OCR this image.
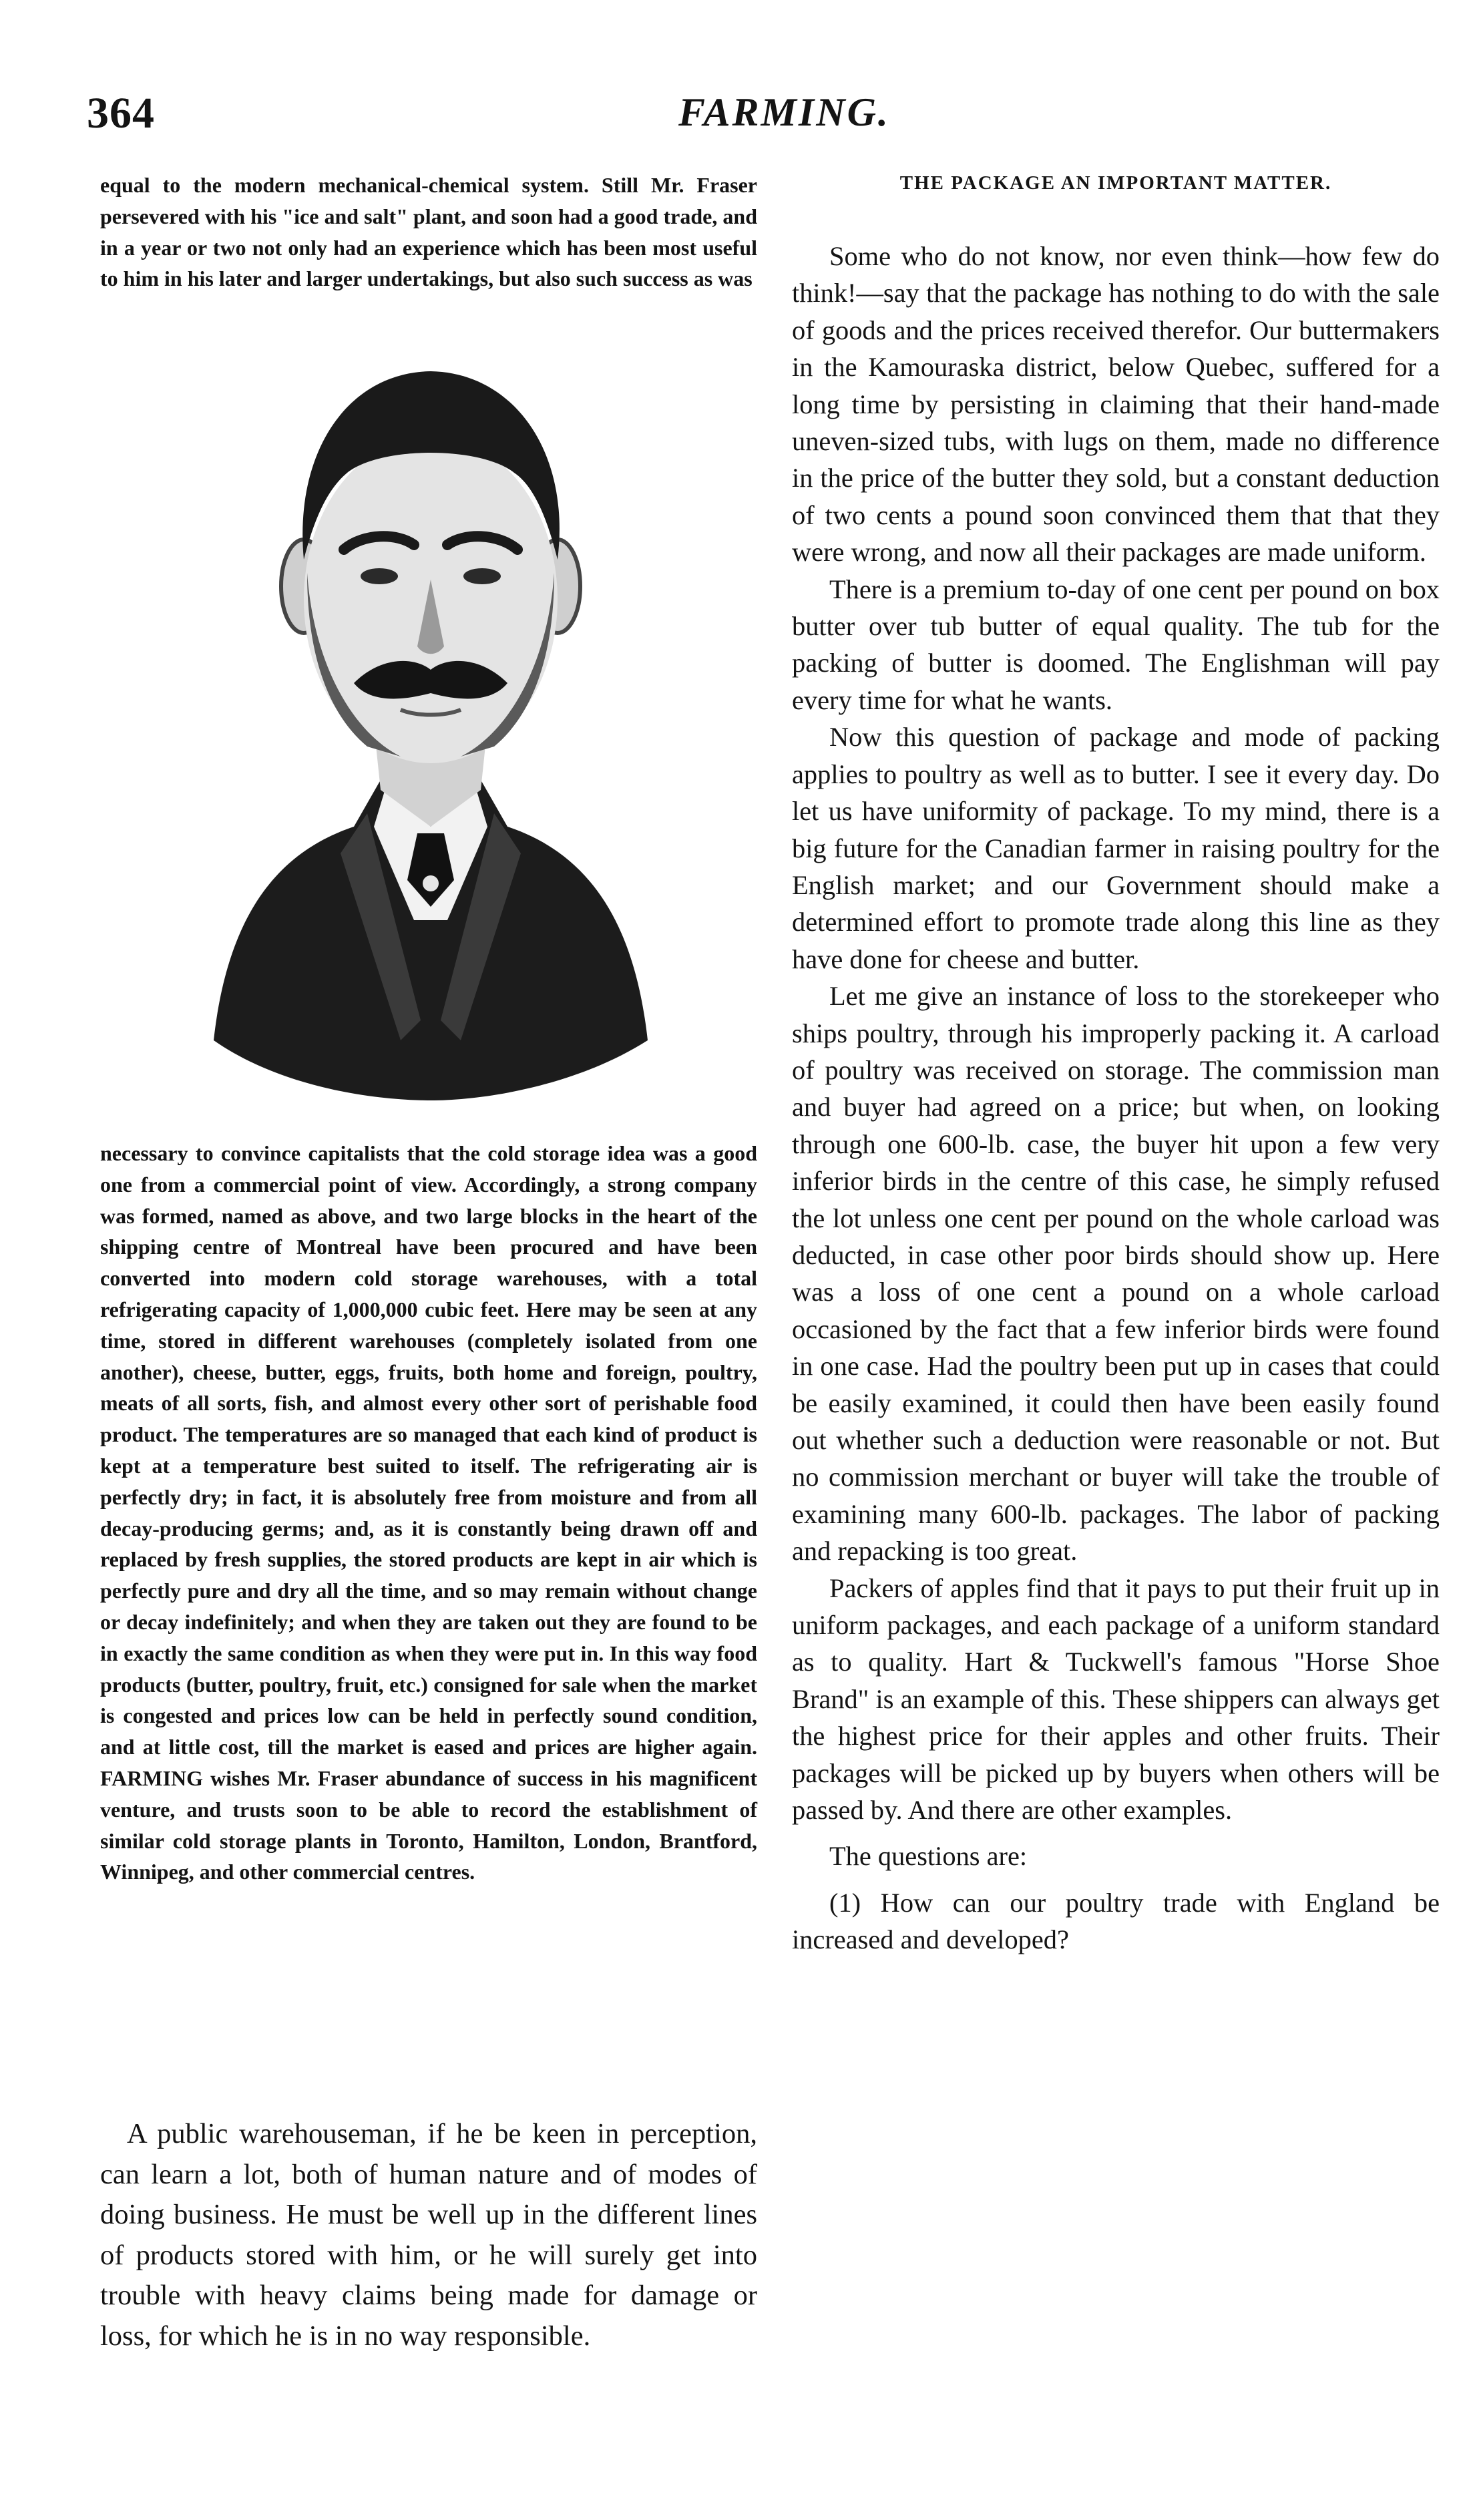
364	FARMING.

equal to the modern mechanical-chemical system. Still Mr. Fraser persevered with his "ice and salt" plant, and soon had a good trade, and in a year or two not only had an experience which has been most useful to him in his later and larger undertakings, but also such success as was

necessary to convince capitalists that the cold storage idea was a good one from a commercial point of view. Accordingly, a strong company was formed, named as above, and two large blocks in the heart of the shipping centre of Montreal have been procured and have been converted into modern cold storage warehouses, with a total refrigerating capacity of 1,000,000 cubic feet. Here may be seen at any time, stored in different warehouses (completely isolated from one another), cheese, butter, eggs, fruits, both home and foreign, poultry, meats of all sorts, fish, and almost every other sort of perishable food product. The temperatures are so managed that each kind of product is kept at a temperature best suited to itself. The refrigerating air is perfectly dry; in fact, it is absolutely free from moisture and from all decay-producing germs; and, as it is constantly being drawn off and replaced by fresh supplies, the stored products are kept in air which is perfectly pure and dry all the time, and so may remain without change or decay indefinitely; and when they are taken out they are found to be in exactly the same condition as when they were put in. In this way food products (butter, poultry, fruit, etc.) consigned for sale when the market is congested and prices low can be held in perfectly sound condition, and at little cost, till the market is eased and prices are higher again. FARMING wishes Mr. Fraser abundance of success in his magnificent venture, and trusts soon to be able to record the establishment of similar cold storage plants in Toronto, Hamilton, London, Brantford, Winnipeg, and other commercial centres.

A public warehouseman, if he be keen in perception, can learn a lot, both of human nature and of modes of doing business. He must be well up in the different lines of products stored with him, or he will surely get into trouble with heavy claims being made for damage or loss, for which he is in no way responsible.

THE PACKAGE AN IMPORTANT MATTER.

Some who do not know, nor even think—how few do think!—say that the package has nothing to do with the sale of goods and the prices received therefor. Our buttermakers in the Kamouraska district, below Quebec, suffered for a long time by persisting in claiming that their hand-made uneven-sized tubs, with lugs on them, made no difference in the price of the butter they sold, but a constant deduction of two cents a pound soon convinced them that that they were wrong, and now all their packages are made uniform.

There is a premium to-day of one cent per pound on box butter over tub butter of equal quality. The tub for the packing of butter is doomed. The Englishman will pay every time for what he wants.

Now this question of package and mode of packing applies to poultry as well as to butter. I see it every day. Do let us have uniformity of package. To my mind, there is a big future for the Canadian farmer in raising poultry for the English market; and our Government should make a determined effort to promote trade along this line as they have done for cheese and butter.

Let me give an instance of loss to the storekeeper who ships poultry, through his improperly packing it. A carload of poultry was received on storage. The commission man and buyer had agreed on a price; but when, on looking through one 600-lb. case, the buyer hit upon a few very inferior birds in the centre of this case, he simply refused the lot unless one cent per pound on the whole carload was deducted, in case other poor birds should show up. Here was a loss of one cent a pound on a whole carload occasioned by the fact that a few inferior birds were found in one case. Had the poultry been put up in cases that could be easily examined, it could then have been easily found out whether such a deduction were reasonable or not. But no commission merchant or buyer will take the trouble of examining many 600-lb. packages. The labor of packing and repacking is too great.

Packers of apples find that it pays to put their fruit up in uniform packages, and each package of a uniform standard as to quality. Hart & Tuckwell's famous "Horse Shoe Brand" is an example of this. These shippers can always get the highest price for their apples and other fruits. Their packages will be picked up by buyers when others will be passed by. And there are other examples.

The questions are:

(1) How can our poultry trade with England be increased and developed?
